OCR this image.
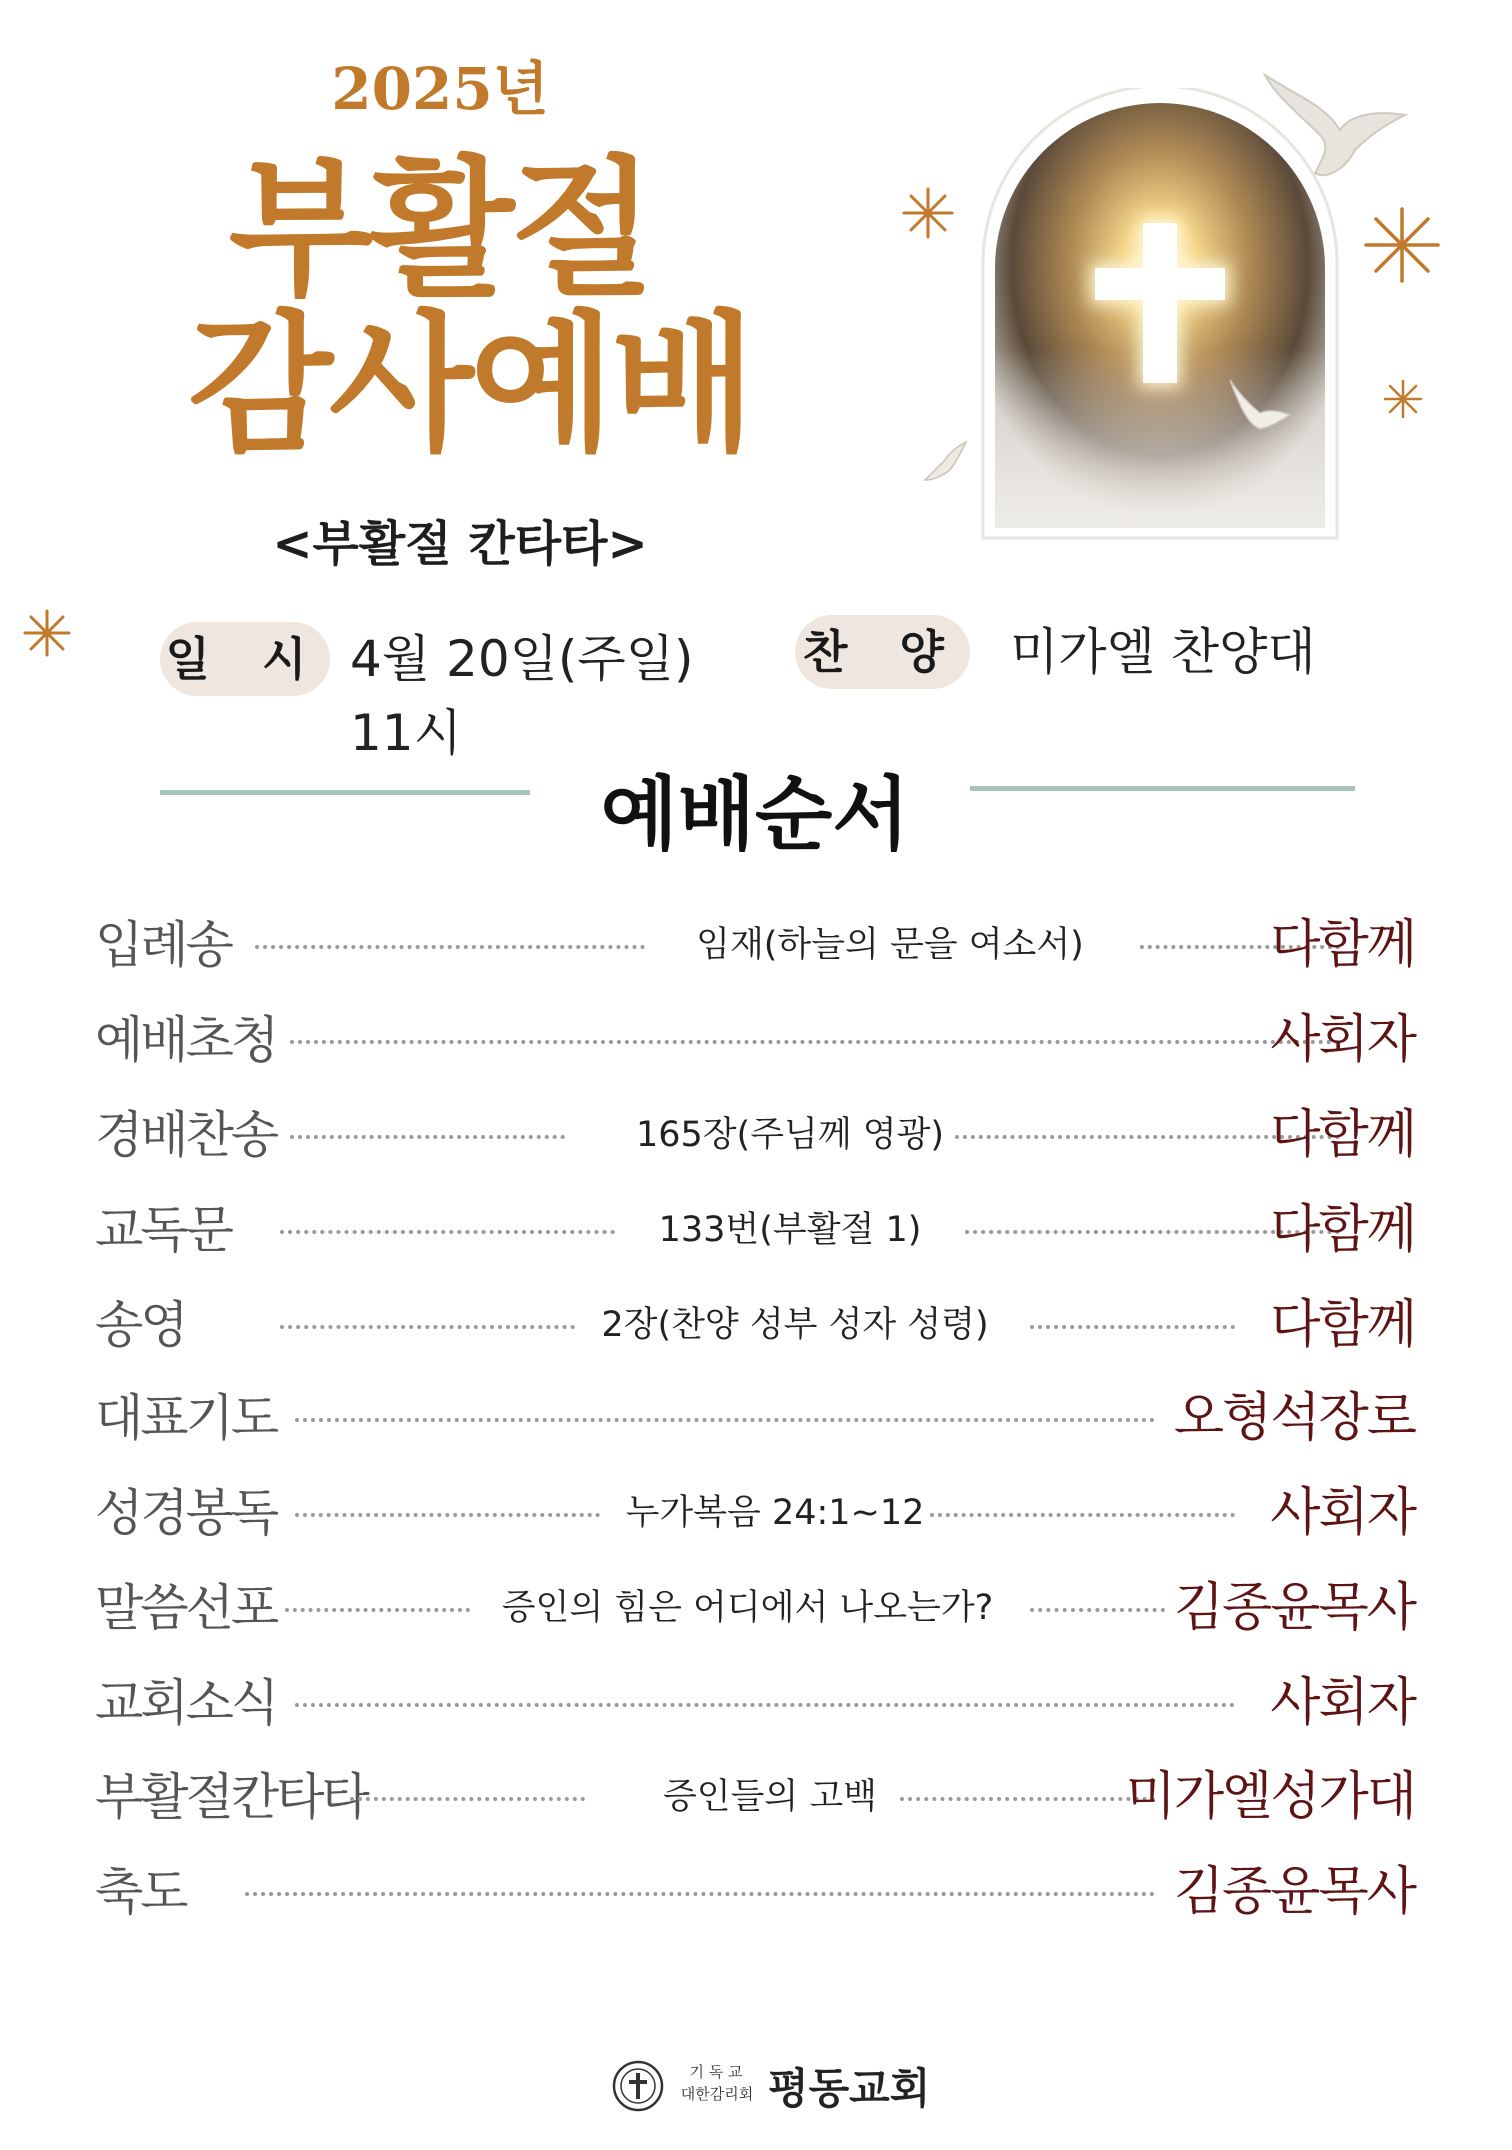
2025년
부활절
감사예배
<부활절 칸타타>
일 시 4월 20일(주일) 11시
찬 양 미가엘 찬양대
예배순서
입례송	임재(하늘의 문을 여소서)	다함께
예배초청	사회자
경배찬송	165장(주님께 영광)	다함께
교독문	133번(부활절 1)	다함께
송영	2장(찬양 성부 성자 성령)	다함께
대표기도	오형석장로
성경봉독	누가복음 24:1~12	사회자
말씀선포	증인의 힘은 어디에서 나오는가?	김종윤목사
교회소식	사회자
부활절칸타타	증인들의 고백	미가엘성가대
축도	김종윤목사
기 독 교
대한감리회 평동교회
